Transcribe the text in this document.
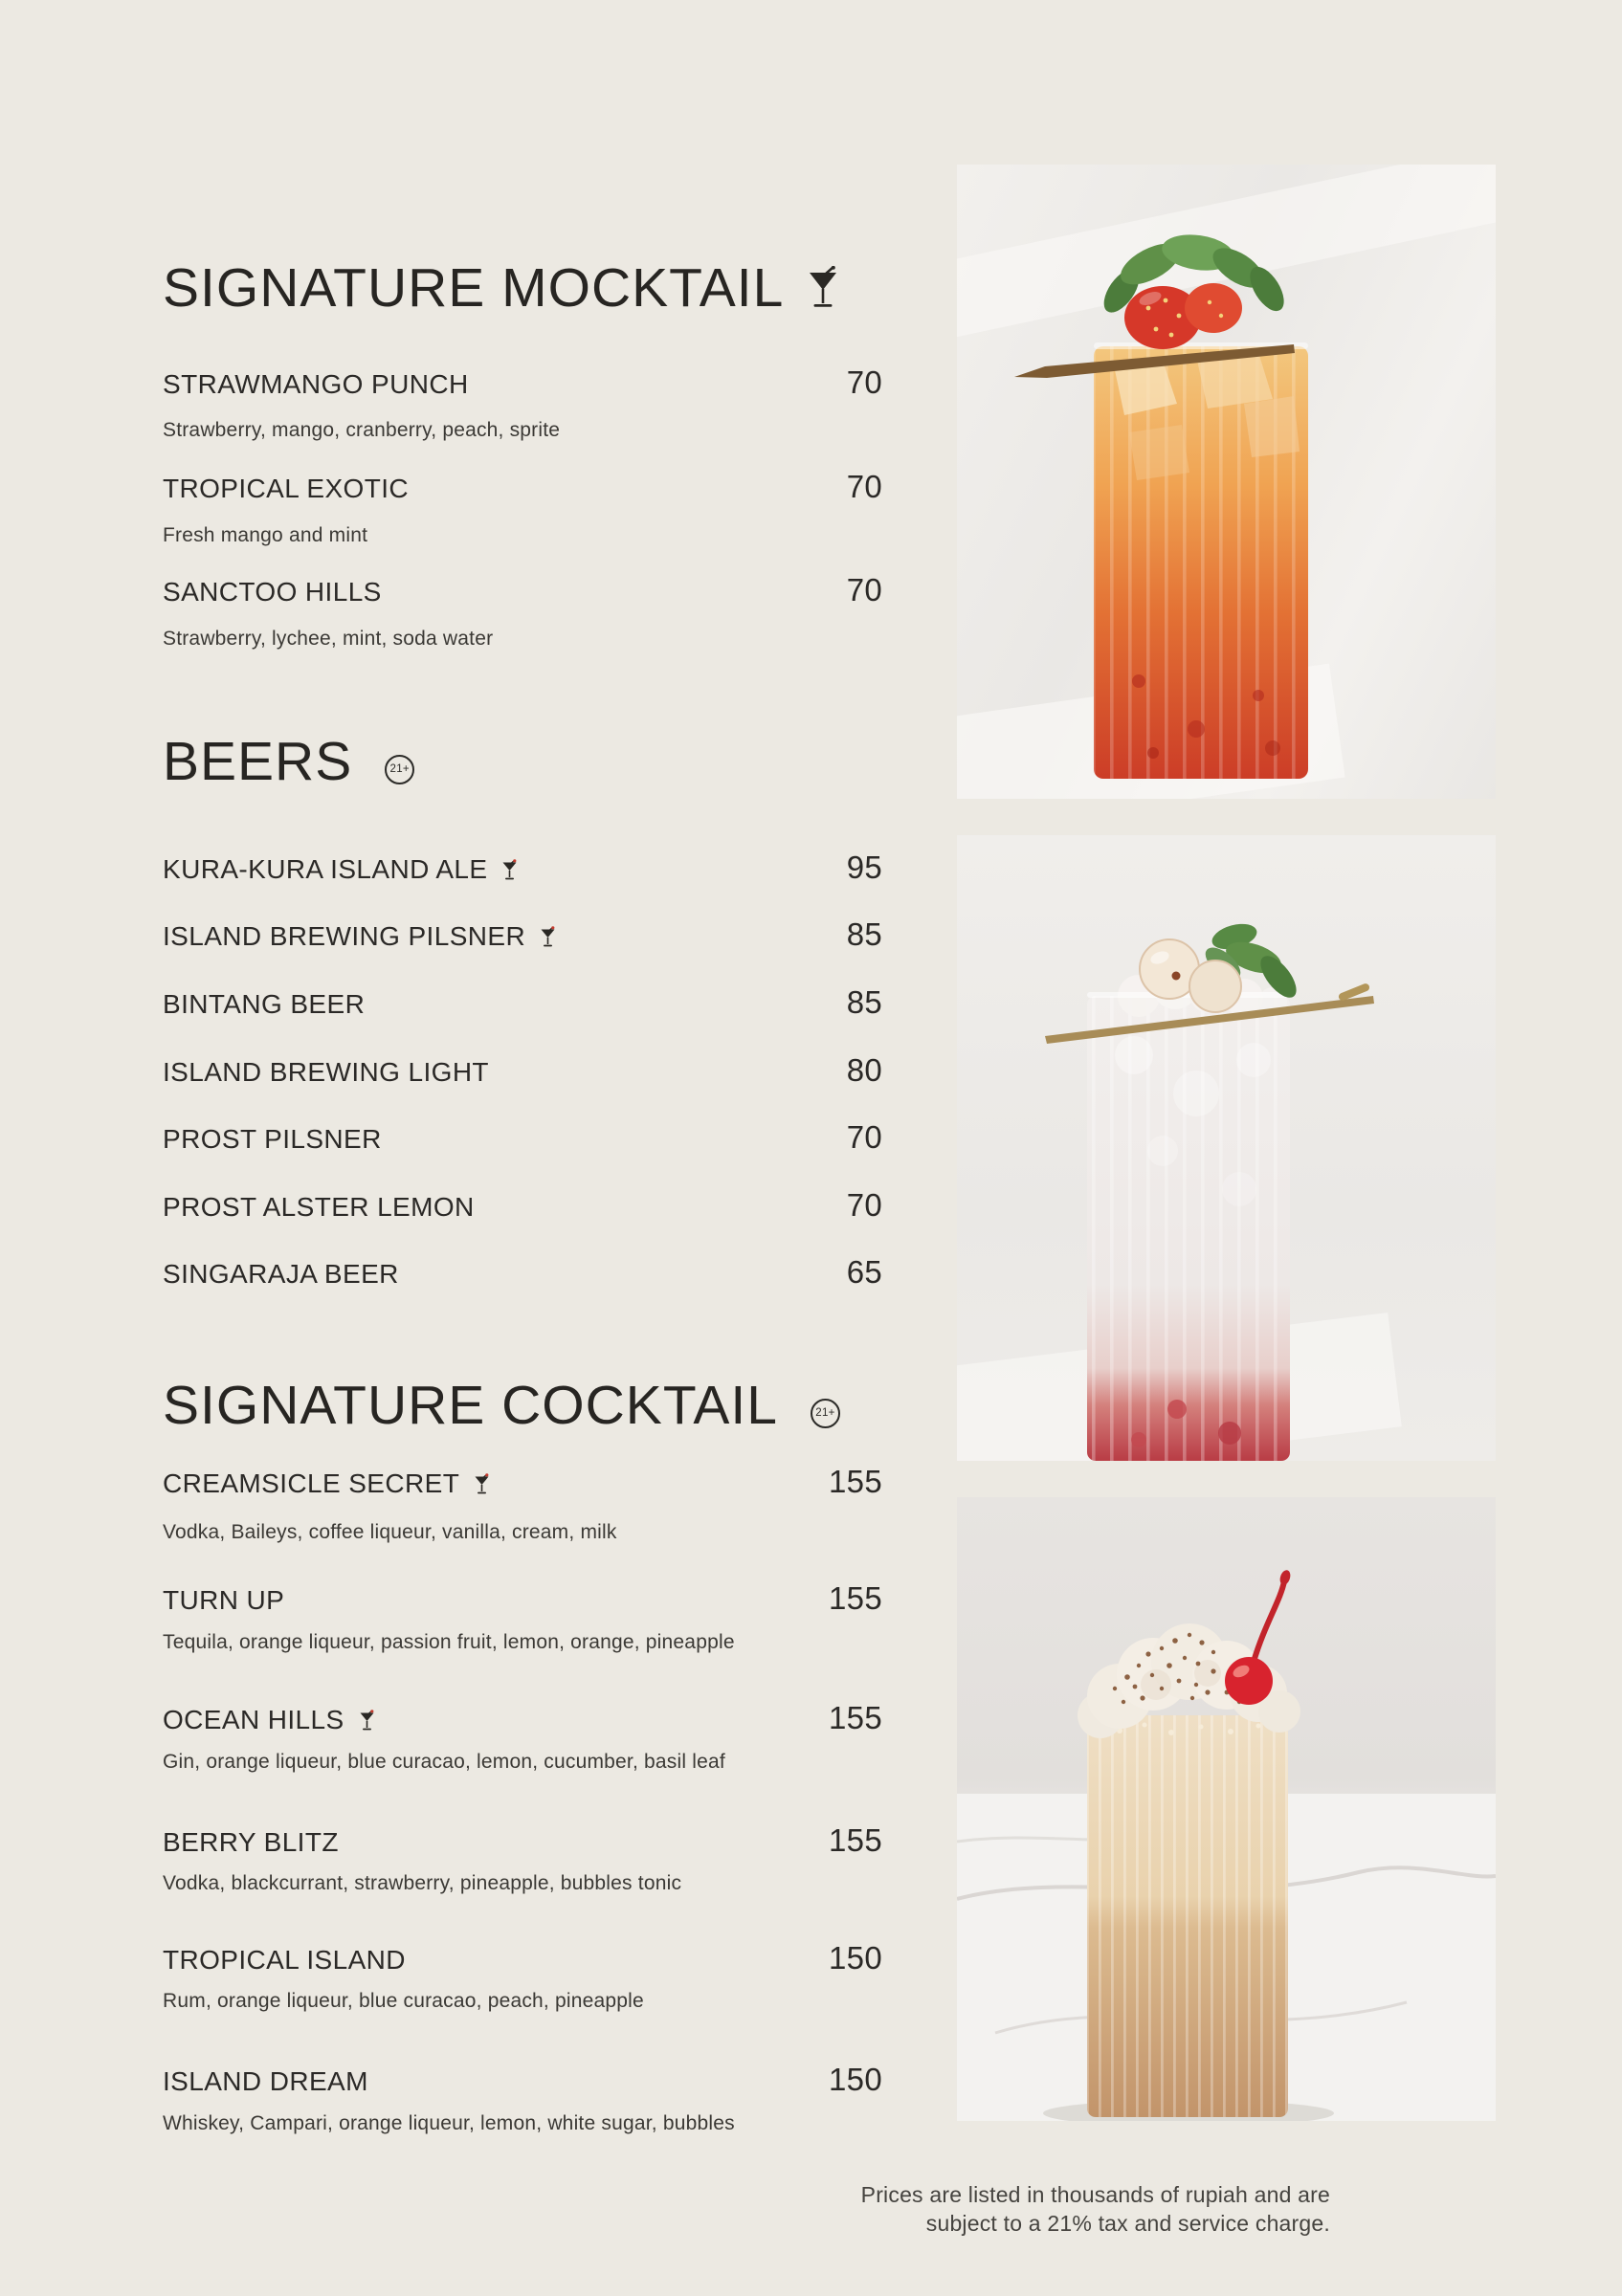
SIGNATURE MOCKTAIL
STRAWMANGO PUNCH	70
Strawberry, mango, cranberry, peach, sprite
TROPICAL EXOTIC	70
Fresh mango and mint
SANCTOO HILLS	70
Strawberry, lychee, mint, soda water
BEERS	21+
KURA-KURA ISLAND ALE	95
ISLAND BREWING PILSNER	85
BINTANG BEER	85
ISLAND BREWING LIGHT	80
PROST PILSNER	70
PROST ALSTER LEMON	70
SINGARAJA BEER	65
SIGNATURE COCKTAIL	21+
CREAMSICLE SECRET	155
Vodka, Baileys, coffee liqueur, vanilla, cream, milk
TURN UP	155
Tequila, orange liqueur, passion fruit, lemon, orange, pineapple
OCEAN HILLS	155
Gin, orange liqueur, blue curacao, lemon, cucumber, basil leaf
BERRY BLITZ	155
Vodka, blackcurrant, strawberry, pineapple, bubbles tonic
TROPICAL ISLAND	150
Rum, orange liqueur, blue curacao, peach, pineapple
ISLAND DREAM	150
Whiskey, Campari, orange liqueur, lemon, white sugar, bubbles
Prices are listed in thousands of rupiah and are
subject to a 21% tax and service charge.
